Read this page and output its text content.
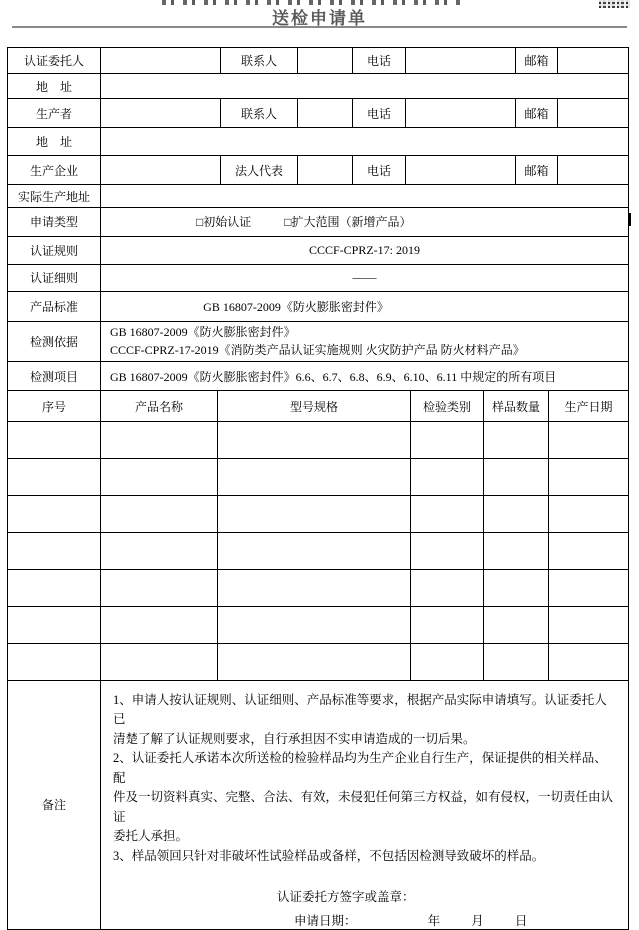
送检申请单
认证委托人		联系人		电话		邮箱	
地    址							
生产者		联系人		电话		邮箱	
地    址							
生产企业		法人代表		电话		邮箱	
实际生产地址							
申请类型	□初始认证 □扩大范围（新增产品）
认证规则	CCCF-CPRZ-17: 2019
认证细则	——
产品标准	GB 16807-2009《防火膨胀密封件》
检测依据	GB 16807-2009《防火膨胀密封件》
CCCF-CPRZ-17-2019《消防类产品认证实施规则 火灾防护产品 防火材料产品》

检测项目	GB 16807-2009《防火膨胀密封件》6.6、6.7、6.8、6.9、6.10、6.11 中规定的所有项目
序号	产品名称	型号规格	检验类别	样品数量	生产日期

备注	
1、申请人按认证规则、认证细则、产品标准等要求，根据产品实际申请填写。认证委托人已
清楚了解了认证规则要求，自行承担因不实申请造成的一切后果。
2、认证委托人承诺本次所送检的检验样品均为生产企业自行生产，保证提供的相关样品、配
件及一切资料真实、完整、合法、有效，未侵犯任何第三方权益，如有侵权，一切责任由认证
委托人承担。
3、样品领回只针对非破坏性试验样品或备样，不包括因检测导致破坏的样品。
认证委托方签字或盖章：
申请日期：	年 月 日
